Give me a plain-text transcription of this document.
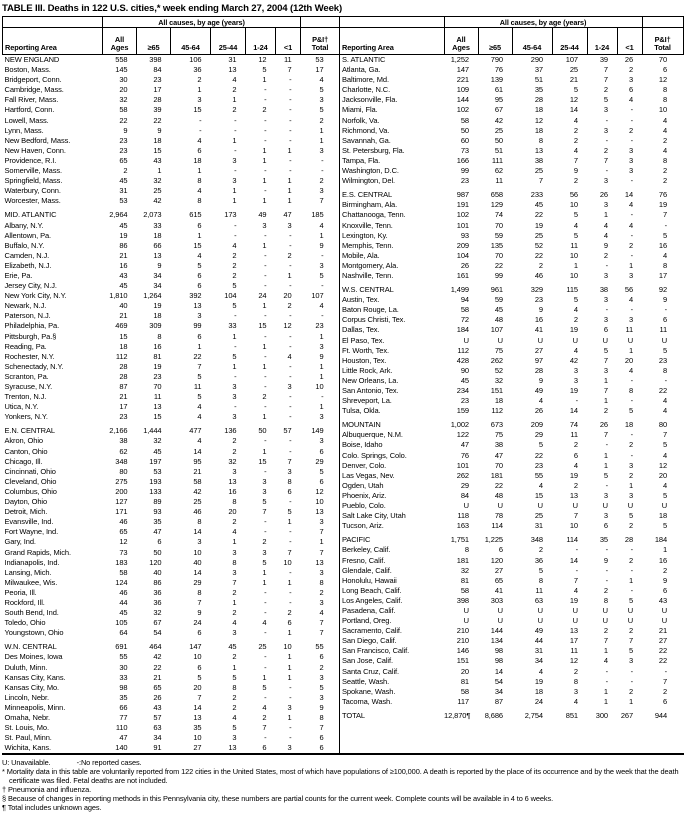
TABLE III. Deaths in 122 U.S. cities,* week ending March 27, 2004 (12th Week)
	All causes, by age (years)						
Reporting Area	All
Ages	≥65	45-64	25-44	1-24	<1	P&I†
Total
NEW ENGLAND	558	398	106	31	12	11	53
Boston, Mass.	145	84	36	13	5	7	17
Bridgeport, Conn.	30	23	2	4	1	-	4
Cambridge, Mass.	20	17	1	2	-	-	5
Fall River, Mass.	32	28	3	1	-	-	3
Hartford, Conn.	58	39	15	2	2	-	5
Lowell, Mass.	22	22	-	-	-	-	2
Lynn, Mass.	9	9	-	-	-	-	1
New Bedford, Mass.	23	18	4	1	-	-	1
New Haven, Conn.	23	15	6	-	1	1	3
Providence, R.I.	65	43	18	3	1	-	-
Somerville, Mass.	2	1	1	-	-	-	-
Springfield, Mass.	45	32	8	3	1	1	2
Waterbury, Conn.	31	25	4	1	-	1	3
Worcester, Mass.	53	42	8	1	1	1	7

MID. ATLANTIC	2,964	2,073	615	173	49	47	185
Albany, N.Y.	45	33	6	-	3	3	4
Allentown, Pa.	19	18	1	-	-	-	1
Buffalo, N.Y.	86	66	15	4	1	-	9
Camden, N.J.	21	13	4	2	-	2	-
Elizabeth, N.J.	16	9	5	2	-	-	3
Erie, Pa.	43	34	6	2	-	1	5
Jersey City, N.J.	45	34	6	5	-	-	-
New York City, N.Y.	1,810	1,264	392	104	24	20	107
Newark, N.J.	40	19	13	5	1	2	4
Paterson, N.J.	21	18	3	-	-	-	-
Philadelphia, Pa.	469	309	99	33	15	12	23
Pittsburgh, Pa.§	15	8	6	1	-	-	1
Reading, Pa.	18	16	1	-	1	-	3
Rochester, N.Y.	112	81	22	5	-	4	9
Schenectady, N.Y.	28	19	7	1	1	-	1
Scranton, Pa.	28	23	5	-	-	-	1
Syracuse, N.Y.	87	70	11	3	-	3	10
Trenton, N.J.	21	11	5	3	2	-	-
Utica, N.Y.	17	13	4	-	-	-	1
Yonkers, N.Y.	23	15	4	3	1	-	3

E.N. CENTRAL	2,166	1,444	477	136	50	57	149
Akron, Ohio	38	32	4	2	-	-	3
Canton, Ohio	62	45	14	2	1	-	6
Chicago, Ill.	348	197	95	32	15	7	29
Cincinnati, Ohio	80	53	21	3	-	3	5
Cleveland, Ohio	275	193	58	13	3	8	6
Columbus, Ohio	200	133	42	16	3	6	12
Dayton, Ohio	127	89	25	8	5	-	10
Detroit, Mich.	171	93	46	20	7	5	13
Evansville, Ind.	46	35	8	2	-	1	3
Fort Wayne, Ind.	65	47	14	4	-	-	7
Gary, Ind.	12	6	3	1	2	-	1
Grand Rapids, Mich.	73	50	10	3	3	7	7
Indianapolis, Ind.	183	120	40	8	5	10	13
Lansing, Mich.	58	40	14	3	1	-	3
Milwaukee, Wis.	124	86	29	7	1	1	8
Peoria, Ill.	46	36	8	2	-	-	2
Rockford, Ill.	44	36	7	1	-	-	3
South Bend, Ind.	45	32	9	2	-	2	4
Toledo, Ohio	105	67	24	4	4	6	7
Youngstown, Ohio	64	54	6	3	-	1	7

W.N. CENTRAL	691	464	147	45	25	10	55
Des Moines, Iowa	55	42	10	2	-	1	6
Duluth, Minn.	30	22	6	1	-	1	2
Kansas City, Kans.	33	21	5	5	1	1	3
Kansas City, Mo.	98	65	20	8	5	-	5
Lincoln, Nebr.	35	26	7	2	-	-	3
Minneapolis, Minn.	66	43	14	2	4	3	9
Omaha, Nebr.	77	57	13	4	2	1	8
St. Louis, Mo.	110	63	35	5	7	-	7
St. Paul, Minn.	47	34	10	3	-	-	6
Wichita, Kans.	140	91	27	13	6	3	6
	All causes, by age (years)						
Reporting Area	All
Ages	≥65	45-64	25-44	1-24	<1	P&I†
Total
S. ATLANTIC	1,252	790	290	107	39	26	70
Atlanta, Ga.	147	76	37	25	7	2	6
Baltimore, Md.	221	139	51	21	7	3	12
Charlotte, N.C.	109	61	35	5	2	6	8
Jacksonville, Fla.	144	95	28	12	5	4	8
Miami, Fla.	102	67	18	14	3	-	10
Norfolk, Va.	58	42	12	4	-	-	4
Richmond, Va.	50	25	18	2	3	2	4
Savannah, Ga.	60	50	8	2	-	-	2
St. Petersburg, Fla.	73	51	13	4	2	3	4
Tampa, Fla.	166	111	38	7	7	3	8
Washington, D.C.	99	62	25	9	-	3	2
Wilmington, Del.	23	11	7	2	3	-	2

E.S. CENTRAL	987	658	233	56	26	14	76
Birmingham, Ala.	191	129	45	10	3	4	19
Chattanooga, Tenn.	102	74	22	5	1	-	7
Knoxville, Tenn.	101	70	19	4	4	4	-
Lexington, Ky.	93	59	25	5	4	-	5
Memphis, Tenn.	209	135	52	11	9	2	16
Mobile, Ala.	104	70	22	10	2	-	4
Montgomery, Ala.	26	22	2	1	-	1	8
Nashville, Tenn.	161	99	46	10	3	3	17

W.S. CENTRAL	1,499	961	329	115	38	56	92
Austin, Tex.	94	59	23	5	3	4	9
Baton Rouge, La.	58	45	9	4	-	-	-
Corpus Christi, Tex.	72	48	16	2	3	3	6
Dallas, Tex.	184	107	41	19	6	11	11
El Paso, Tex.	U	U	U	U	U	U	U
Ft. Worth, Tex.	112	75	27	4	5	1	5
Houston, Tex.	428	262	97	42	7	20	23
Little Rock, Ark.	90	52	28	3	3	4	8
New Orleans, La.	45	32	9	3	1	-	-
San Antonio, Tex.	234	151	49	19	7	8	22
Shreveport, La.	23	18	4	-	1	-	4
Tulsa, Okla.	159	112	26	14	2	5	4

MOUNTAIN	1,002	673	209	74	26	18	80
Albuquerque, N.M.	122	75	29	11	7	-	7
Boise, Idaho	47	38	5	2	-	2	5
Colo. Springs, Colo.	76	47	22	6	1	-	4
Denver, Colo.	101	70	23	4	1	3	12
Las Vegas, Nev.	262	181	55	19	5	2	20
Ogden, Utah	29	22	4	2	-	1	4
Phoenix, Ariz.	84	48	15	13	3	3	5
Pueblo, Colo.	U	U	U	U	U	U	U
Salt Lake City, Utah	118	78	25	7	3	5	18
Tucson, Ariz.	163	114	31	10	6	2	5

PACIFIC	1,751	1,225	348	114	35	28	184
Berkeley, Calif.	8	6	2	-	-	-	1
Fresno, Calif.	181	120	36	14	9	2	16
Glendale, Calif.	32	27	5	-	-	-	2
Honolulu, Hawaii	81	65	8	7	-	1	9
Long Beach, Calif.	58	41	11	4	2	-	6
Los Angeles, Calif.	398	303	63	19	8	5	43
Pasadena, Calif.	U	U	U	U	U	U	U
Portland, Oreg.	U	U	U	U	U	U	U
Sacramento, Calif.	210	144	49	13	2	2	21
San Diego, Calif.	210	134	44	17	7	7	27
San Francisco, Calif.	146	98	31	11	1	5	22
San Jose, Calif.	151	98	34	12	4	3	22
Santa Cruz, Calif.	20	14	4	2	-	-	-
Seattle, Wash.	81	54	19	8	-	-	7
Spokane, Wash.	58	34	18	3	1	2	2
Tacoma, Wash.	117	87	24	4	1	1	6

TOTAL	12,870¶	8,686	2,754	851	300	267	944
U: Unavailable.	-:No reported cases.
* Mortality data in this table are voluntarily reported from 122 cities in the United States, most of which have populations of ≥100,000. A death is reported by the place of its occurrence and by the week that the death certificate was filed. Fetal deaths are not included.
† Pneumonia and influenza.
§ Because of changes in reporting methods in this Pennsylvania city, these numbers are partial counts for the current week. Complete counts will be available in 4 to 6 weeks.
¶ Total includes unknown ages.
